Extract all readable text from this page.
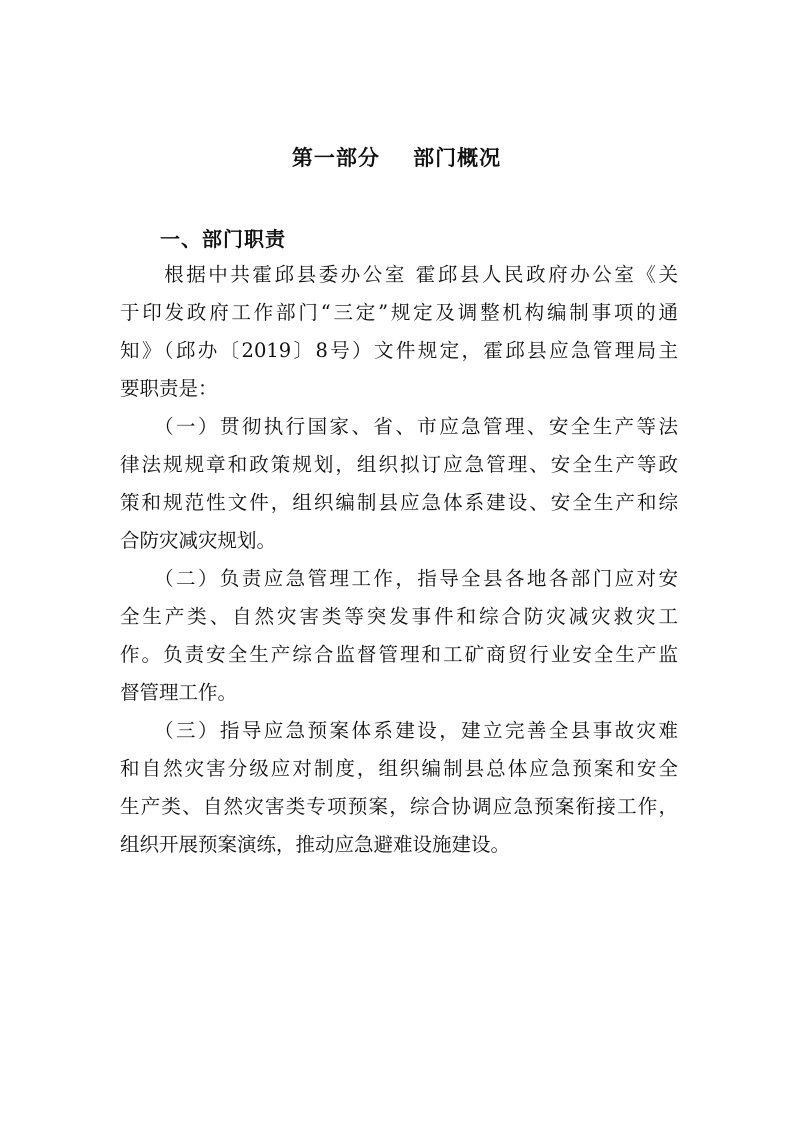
第一部分    部门概况
一、部门职责
　　根据中共霍邱县委办公室 霍邱县人民政府办公室《关
于印发政府工作部门“三定”规定及调整机构编制事项的通
知》（邱办〔2019〕8号）文件规定，霍邱县应急管理局主
要职责是：
　　（一）贯彻执行国家、省、市应急管理、安全生产等法
律法规规章和政策规划，组织拟订应急管理、安全生产等政
策和规范性文件，组织编制县应急体系建设、安全生产和综
合防灾减灾规划。
　　（二）负责应急管理工作，指导全县各地各部门应对安
全生产类、自然灾害类等突发事件和综合防灾减灾救灾工
作。负责安全生产综合监督管理和工矿商贸行业安全生产监
督管理工作。
　　（三）指导应急预案体系建设，建立完善全县事故灾难
和自然灾害分级应对制度，组织编制县总体应急预案和安全
生产类、自然灾害类专项预案，综合协调应急预案衔接工作，
组织开展预案演练，推动应急避难设施建设。
